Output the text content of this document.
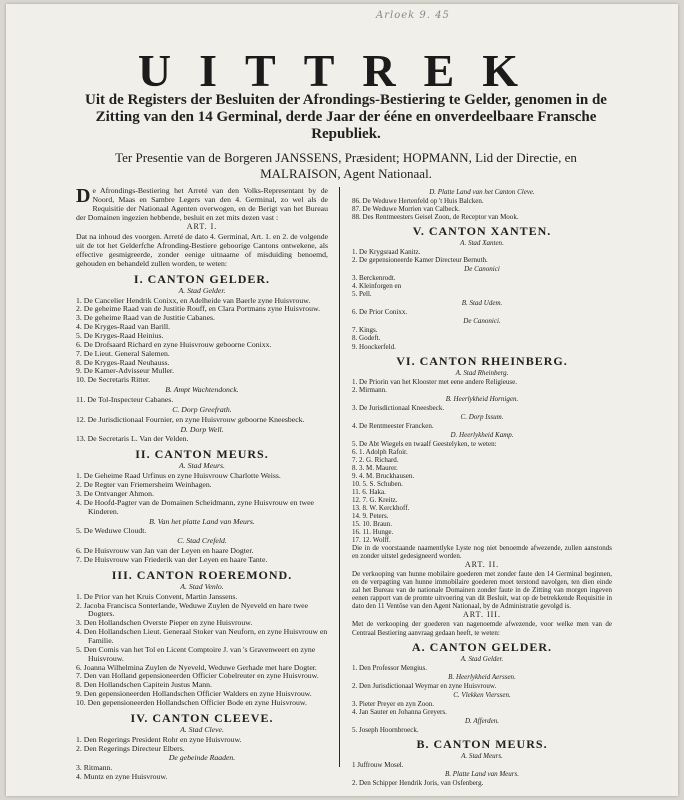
Arloek 9. 45
UITTREK
Uit de Registers der Besluiten der Afrondings-Bestiering te Gelder, genomen in de Zitting van den 14 Germinal, derde Jaar der ééne en onverdeelbaare Fransche Republiek.
Ter Presentie van de Borgeren JANSSENS, Præsident; HOPMANN, Lid der Directie, en MALRAISON, Agent Nationaal.

De Afrondings-Bestiering het Arreté van den Volks-Representant by de Noord, Maas en Sambre Legers van den 4. Germinal, zo wel als de Requisitie der Nationaal Agenten overwogen, en de Berigt van het Bureau der Domainen ingezien hebbende, besluit en zet mits dezen vast :

ART. I.

Dat na inhoud des voorgen. Arreté de dato 4. Germinal, Art. 1. en 2. de volgende uit de tot het Gelderfche Afronding-Bestiere geboorige Cantons ontwekene, als effective gesmigreerde, zonder eenige uitnaame of misduiding benoemd, gehouden en behandeld zullen worden, te weten:

I. CANTON GELDER.
A. Stad Gelder.

1. De Cancelier Hendrik Conixx, en Adelheide van Baerle zyne Huisvrouw.

2. De geheime Raad van de Justitie Rouff, en Clara Portmans zyne Huisvrouw.

3. De geheime Raad van de Justitie Cabanes.

4. De Kryges-Raad van Barill.

5. De Kryges-Raad Heinius.

6. De Drofsaard Richard en zyne Huisvrouw geboorne Conixx.

7. De Lieut. General Salemen.

8. De Kryges-Raad Neuhauss.

9. De Kamer-Advisseur Muller.

10. De Secretaris Ritter.

B. Ampt Wachtendonck.

11. De Tol-Inspecteur Cabanes.

C. Dorp Greefrath.

12. De Jurisdictionaal Fournier, en zyne Huisvrouw geboorne Kneesbeck.

D. Dorp Well.

13. De Secretaris L. Van der Velden.

II. CANTON MEURS.
A. Stad Meurs.

1. De Geheime Raad Urfinus en zyne Huisvrouw Charlotte Weiss.

2. De Regter van Friemersheim Weinhagen.

3. De Ontvanger Ahmon.

4. De Hoofd-Pagter van de Domainen Scheidmann, zyne Huisvrouw en twee Kinderen.

B. Van het platte Land van Meurs.

5. De Weduwe Cloudt.

C. Stad Crefeld.

6. De Huisvrouw van Jan van der Leyen en haare Dogter.

7. De Huisvrouw van Friederik van der Leyen en haare Tante.

III. CANTON ROEREMOND.
A. Stad Venlo.

1. De Prior van het Kruis Convent, Martin Janssens.

2. Jacoba Francisca Sonterlande, Weduwe Zuylen de Nyeveld en hare twee Dogters.

3. Den Hollandschen Overste Pieper en zyne Huisvrouw.

4. Den Hollandschen Lieut. Generaal Stoker van Neuforn, en zyne Huisvrouw en Familie.

5. Den Comis van het Tol en Licent Comptoire J. van 's Gravenweert en zyne Huisvrouw.

6. Joanna Wilhelmina Zuylen de Nyeveld, Weduwe Gerhade met hare Dogter.

7. Den van Holland gepensioneerden Officier Cobelreuter en zyne Huisvrouw.

8. Den Hollandschen Capitein Justus Mann.

9. Den gepensioneerden Hollandschen Officier Walders en zyne Huisvrouw.

10. Den gepensioneerden Hollandschen Officier Bode en zyne Huisvrouw.

IV. CANTON CLEEVE.
A. Stad Cleve.

1. Den Regerings President Rohr en zyne Huisvrouw.

2. Den Regerings Directeur Elbers.

De gebeinde Raaden.

3. Ritmann.

4. Muntz en zyne Huisvrouw.

D. Platte Land van het Canton Cleve.

86. De Weduwe Hertenfeld op 't Huis Balcken.

87. De Weduwe Morrien van Calbeck.

88. Des Rentmeesters Geisel Zoon, de Receptor van Mook.

V. CANTON XANTEN.
A. Stad Xanten.

1. De Krygsraad Kanitz.

2. De gepensioneerde Kamer Directeur Bernuth.

De Canonici

3. Berckenrodt.

4. Kleinforgen en

5. Pell.

B. Stad Udem.

6. De Prior Conixx.

De Canonici.

7. Kings.

8. Godeft.

9. Hoockerfeld.

VI. CANTON RHEINBERG.
A. Stad Rheinberg.

1. De Priorin van het Klooster met eene andere Religieuse.

2. Mirmann.

B. Heerlykheid Hornigen.

3. De Jurisdictionaal Kneesbeck.

C. Dorp Issum.

4. De Rentmeester Francken.

D. Heerlykheid Kamp.

5. De Abt Wiegels en twaalf Geestelyken, te weten:

6. 1. Adolph Rafoir.

7. 2. G. Richard.

8. 3. M. Maurer.

9. 4. M. Bruckhausen.

10. 5. S. Schuben.

11. 6. Haka.

12. 7. G. Kreitz.

13. 8. W. Kerckhoff.

14. 9. Peters.

15. 10. Braun.

16. 11. Hunge.

17. 12. Wolff.

Die in de voorstaande naamentlyke Lyste nog niet benoemde afwezende, zullen aanstonds en zonder uitstel gedesigneerd worden.

ART. II.

De verkooping van hunne mobilaire goederen met zonder faute den 14 Germinal beginnen, en de verpagting van hunne immobilaire goederen moet terstond navolgen, ten dien einde zal het Bureau van de nationale Domainen zonder faute in de Zitting van morgen ingeven eenen rapport van de promte uitvoering van dit Besluit, wat op de betrekkende Requisitie in dato den 11 Ventôse van den Agent Nationaal, by de Administratie gevolgd is.

ART. III.

Met de verkooping der goederen van nagenoemde afwezende, voor welke men van de Centraal Bestiering aanvraag gedaan heeft, te weten:

A. CANTON GELDER.
A. Stad Gelder.

1. Den Professor Mengius.

B. Heerlykheid Aerssen.

2. Den Jurisdictionaal Weymar en zyne Huisvrouw.

C. Vlekken Vierssen.

3. Pieter Preyer en zyn Zoon.

4. Jan Sauter en Johanna Greyers.

D. Afferden.

5. Joseph Hoornbroeck.

B. CANTON MEURS.
A. Stad Meurs.

1 Juffrouw Mosel.

B. Platte Land van Meurs.

2. Den Schipper Hendrik Joris, van Osfenberg.
